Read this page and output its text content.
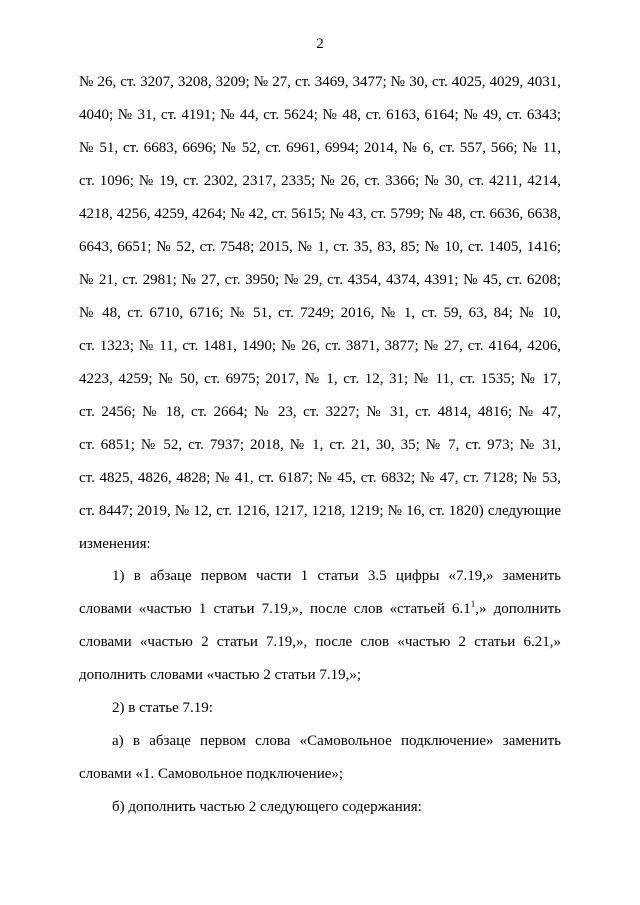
2
№ 26, ст. 3207, 3208, 3209; № 27, ст. 3469, 3477; № 30, ст. 4025, 4029, 4031,
4040; № 31, ст. 4191; № 44, ст. 5624; № 48, ст. 6163, 6164; № 49, ст. 6343;
№ 51, ст. 6683, 6696; № 52, ст. 6961, 6994; 2014, № 6, ст. 557, 566; № 11,
ст. 1096; № 19, ст. 2302, 2317, 2335; № 26, ст. 3366; № 30, ст. 4211, 4214,
4218, 4256, 4259, 4264; № 42, ст. 5615; № 43, ст. 5799; № 48, ст. 6636, 6638,
6643, 6651; № 52, ст. 7548; 2015, № 1, ст. 35, 83, 85; № 10, ст. 1405, 1416;
№ 21, ст. 2981; № 27, ст. 3950; № 29, ст. 4354, 4374, 4391; № 45, ст. 6208;
№ 48, ст. 6710, 6716; № 51, ст. 7249; 2016, № 1, ст. 59, 63, 84; № 10,
ст. 1323; № 11, ст. 1481, 1490; № 26, ст. 3871, 3877; № 27, ст. 4164, 4206,
4223, 4259; № 50, ст. 6975; 2017, № 1, ст. 12, 31; № 11, ст. 1535; № 17,
ст. 2456; № 18, ст. 2664; № 23, ст. 3227; № 31, ст. 4814, 4816; № 47,
ст. 6851; № 52, ст. 7937; 2018, № 1, ст. 21, 30, 35; № 7, ст. 973; № 31,
ст. 4825, 4826, 4828; № 41, ст. 6187; № 45, ст. 6832; № 47, ст. 7128; № 53,
ст. 8447; 2019, № 12, ст. 1216, 1217, 1218, 1219; № 16, ст. 1820) следующие
изменения:
1) в абзаце первом части 1 статьи 3.5 цифры «7.19,» заменить
словами «частью 1 статьи 7.19,», после слов «статьей $6.1^1$,» дополнить
словами «частью 2 статьи 7.19,», после слов «частью 2 статьи 6.21,»
дополнить словами «частью 2 статьи 7.19,»;
2) в статье 7.19:
а) в абзаце первом слова «Самовольное подключение» заменить
словами «1. Самовольное подключение»;
б) дополнить частью 2 следующего содержания:
